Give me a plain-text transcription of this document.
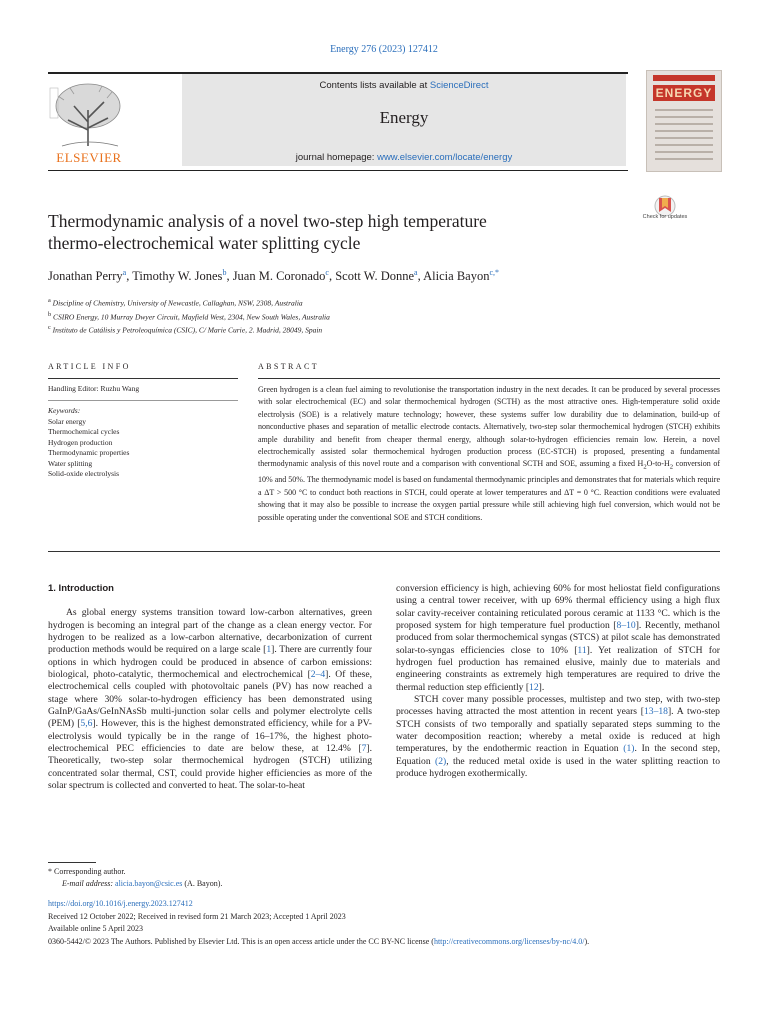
Energy 276 (2023) 127412
Contents lists available at ScienceDirect
Energy
journal homepage: www.elsevier.com/locate/energy
ELSEVIER
ENERGY
Thermodynamic analysis of a novel two-step high temperature
thermo-electrochemical water splitting cycle
Check for updates
Jonathan Perry$^a$, Timothy W. Jones$^b$, Juan M. Coronado$^c$, Scott W. Donne$^a$, Alicia Bayon$^{c,*}$
$^a$ Discipline of Chemistry, University of Newcastle, Callaghan, NSW, 2308, Australia
$^b$ CSIRO Energy, 10 Murray Dwyer Circuit, Mayfield West, 2304, New South Wales, Australia
$^c$ Instituto de Catálisis y Petroleoquímica (CSIC), C/ Marie Curie, 2. Madrid, 28049, Spain
ARTICLE INFO	ABSTRACT
Handling Editor: Ruzhu Wang
Keywords:
Solar energy
Thermochemical cycles
Hydrogen production
Thermodynamic properties
Water splitting
Solid-oxide electrolysis
Green hydrogen is a clean fuel aiming to revolutionise the transportation industry in the next decades. It can be produced by several processes with solar electrochemical (EC) and solar thermochemical hydrogen (SCTH) as the most attractive ones. High-temperature solid oxide electrolysis (SOE) is a relatively mature technology; however, these systems suffer low durability due to delamination, build-up of nonconductive phases and separation of metallic electrode contacts. Alternatively, two-step solar thermochemical hydrogen (STCH) exhibits ample durability and benefit from cheaper thermal energy, although solar-to-hydrogen efficiencies remain low. Herein, a novel electrochemically assisted solar thermochemical hydrogen production process (EC-STCH) is proposed, presenting a fundamental thermodynamic analysis of this novel route and a comparison with conventional SCTH and SOE, assuming a fixed $H_2O-to-H_2$ conversion of 10% and 50%. The thermodynamic model is based on fundamental thermodynamic principles and demonstrates that for materials which require a ΔT > 500 °C to conduct both reactions in STCH, could operate at lower temperatures and ΔT = 0 °C. Reaction conditions were evaluated showing that it may also be possible to increase the oxygen partial pressure while still achieving high fuel conversion, which would not be possible operating under the conventional SOE and STCH conditions.
1. Introduction

As global energy systems transition toward low-carbon alternatives, green hydrogen is becoming an integral part of the change as a clean energy vector. For hydrogen to be realized as a low-carbon alternative, decarbonization of current production methods would be required on a large scale [1]. There are currently four options in which hydrogen could be produced in absence of carbon emissions: biological, photo-catalytic, thermochemical and electrochemical [2–4]. Of these, electrochemical cells coupled with photovoltaic panels (PV) has now reached a stage where 30% solar-to-hydrogen efficiency has been demonstrated using GaInP/GaAs/GeInNAsSb multi-junction solar cells and polymer electrolyte cells (PEM) [5,6]. However, this is the highest demonstrated efficiency, while for a PV-electrolysis would typically be in the range of 16–17%, the highest photo-electrochemical PEC efficiencies to date are below these, at 12.4% [7]. Theoretically, two-step solar thermochemical hydrogen (STCH) utilizing concentrated solar thermal, CST, could provide higher efficiencies as more of the solar spectrum is collected and converted to heat. The solar-to-heat

conversion efficiency is high, achieving 60% for most heliostat field configurations using a central tower receiver, with up 69% thermal efficiency using a high flux solar cavity-receiver containing reticulated porous ceramic at 1133 °C. which is the proposed system for high temperature fuel production [8–10]. Recently, methanol produced from solar thermochemical syngas (STCS) at pilot scale has demonstrated solar-to-syngas efficiencies close to 10% [11]. Yet realization of STCH for hydrogen fuel production has remained elusive, mainly due to materials and engineering constraints as extremely high temperatures are required to drive the thermal reduction step efficiently [12].

STCH cover many possible processes, multistep and two step, with two-step processes having attracted the most attention in recent years [13–18]. A two-step STCH consists of two temporally and spatially separated steps summing to the water decomposition reaction; whereby a metal oxide is reduced at high temperatures, by the endothermic reaction in Equation (1). In the second step, Equation (2), the reduced metal oxide is used in the water splitting reaction to produce hydrogen exothermically.

* Corresponding author.
E-mail address: alicia.bayon@csic.es (A. Bayon).
https://doi.org/10.1016/j.energy.2023.127412
Received 12 October 2022; Received in revised form 21 March 2023; Accepted 1 April 2023
Available online 5 April 2023
0360-5442/© 2023 The Authors. Published by Elsevier Ltd. This is an open access article under the CC BY-NC license (http://creativecommons.org/licenses/by-nc/4.0/).
